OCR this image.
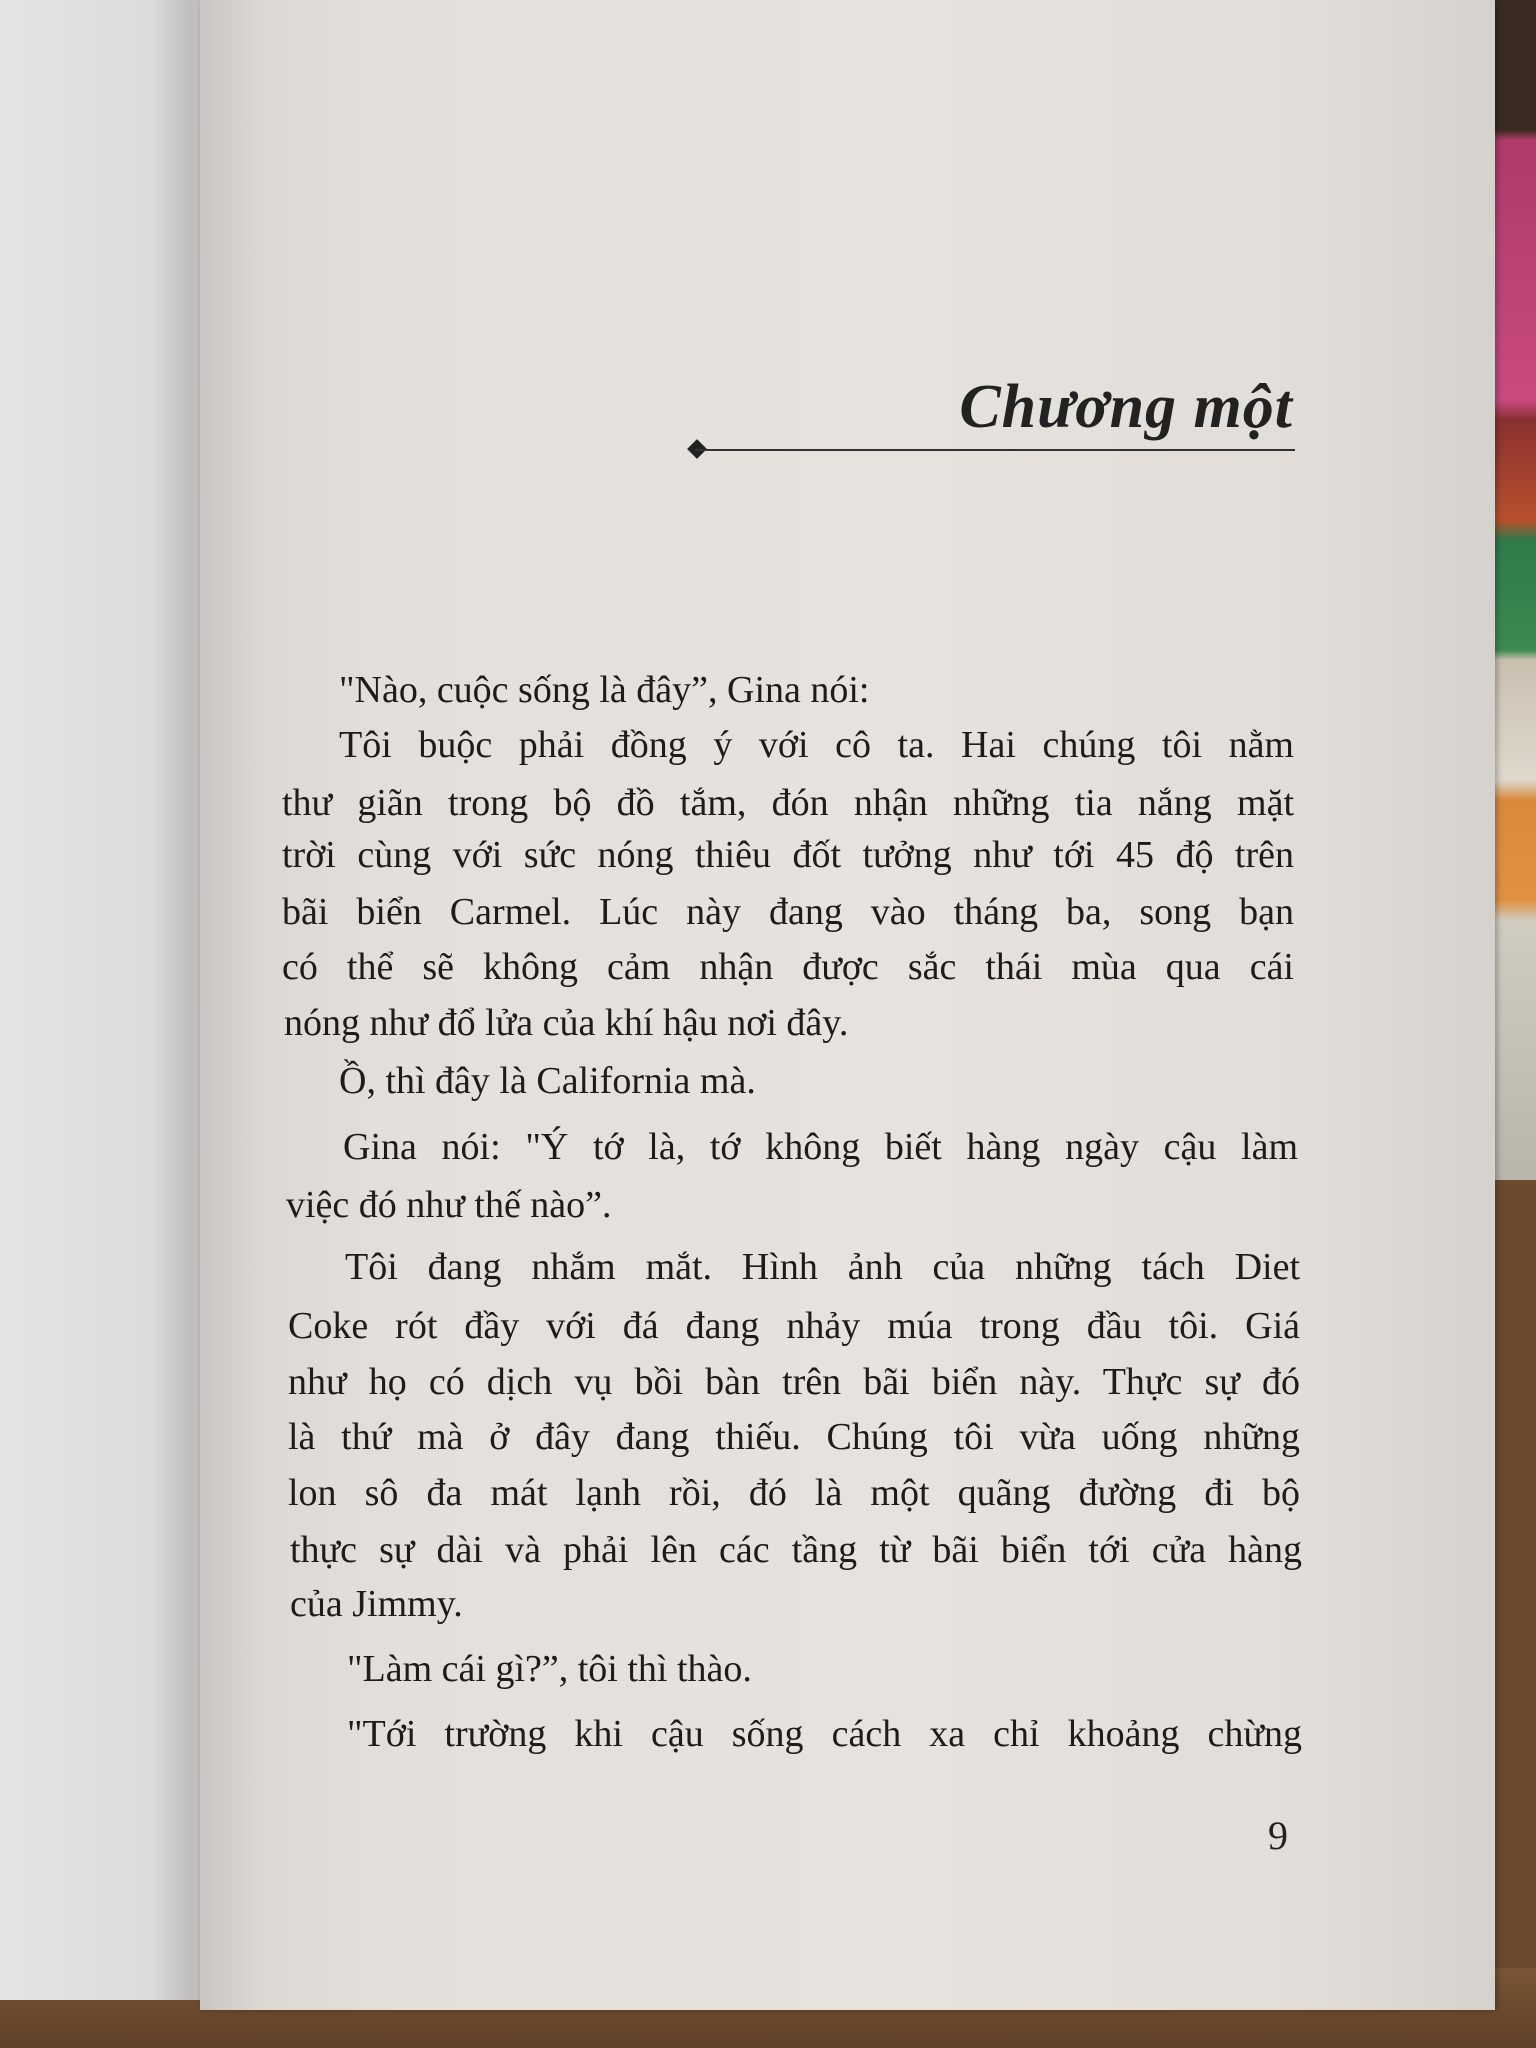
Chương một
"Nào, cuộc sống là đây”, Gina nói:
Tôi buộc phải đồng ý với cô ta. Hai chúng tôi nằm
thư giãn trong bộ đồ tắm, đón nhận những tia nắng mặt
trời cùng với sức nóng thiêu đốt tưởng như tới 45 độ trên
bãi biển Carmel. Lúc này đang vào tháng ba, song bạn
có thể sẽ không cảm nhận được sắc thái mùa qua cái
nóng như đổ lửa của khí hậu nơi đây.
Ồ, thì đây là California mà.
Gina nói: "Ý tớ là, tớ không biết hàng ngày cậu làm
việc đó như thế nào”.
Tôi đang nhắm mắt. Hình ảnh của những tách Diet
Coke rót đầy với đá đang nhảy múa trong đầu tôi. Giá
như họ có dịch vụ bồi bàn trên bãi biển này. Thực sự đó
là thứ mà ở đây đang thiếu. Chúng tôi vừa uống những
lon sô đa mát lạnh rồi, đó là một quãng đường đi bộ
thực sự dài và phải lên các tầng từ bãi biển tới cửa hàng
của Jimmy.
"Làm cái gì?”, tôi thì thào.
"Tới trường khi cậu sống cách xa chỉ khoảng chừng
9
